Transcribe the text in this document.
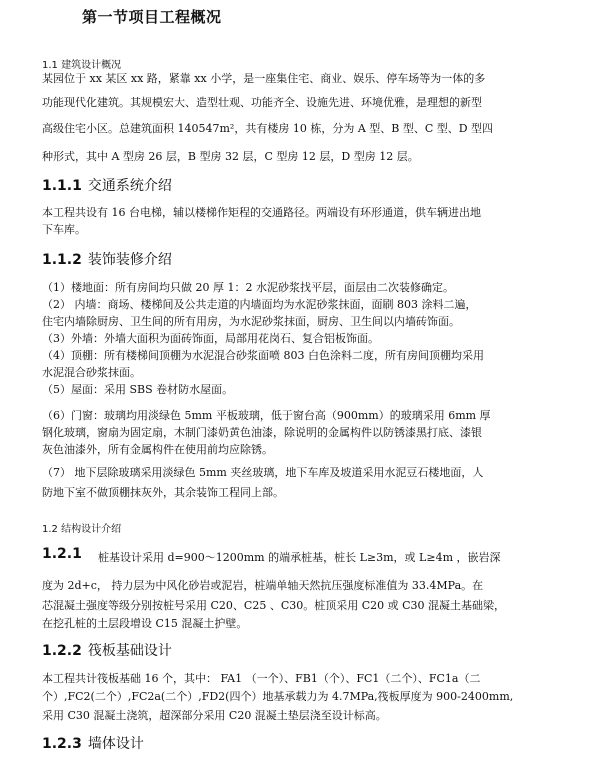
第一节项目工程概况
1.1 建筑设计概况
某园位于 xx 某区 xx 路，紧靠 xx 小学，是一座集住宅、商业、娱乐、停车场等为一体的多
功能现代化建筑。其规模宏大、造型壮观、功能齐全、设施先进、环境优雅，是理想的新型
高级住宅小区。总建筑面积 140547m²，共有楼房 10 栋，分为 A 型、B 型、C 型、D 型四
种形式，其中 A 型房 26 层，B 型房 32 层，C 型房 12 层，D 型房 12 层。
1.1.1 交通系统介绍
本工程共设有 16 台电梯，辅以楼梯作矩程的交通路径。两端设有环形通道，供车辆进出地
下车库。
1.1.2 装饰装修介绍
（1）楼地面：所有房间均只做 20 厚 1：2 水泥砂浆找平层，面层由二次装修确定。
（2） 内墙：商场、楼梯间及公共走道的内墙面均为水泥砂浆抹面，面刷 803 涂料二遍，
住宅内墙除厨房、卫生间的所有用房，为水泥砂浆抹面，厨房、卫生间以内墙砖饰面。
（3）外墙：外墙大面积为面砖饰面，局部用花岗石、复合铝板饰面。
（4）顶棚：所有楼梯间顶棚为水泥混合砂浆面喷 803 白色涂料二度，所有房间顶棚均采用
水泥混合砂浆抹面。
（5）屋面：采用 SBS 卷材防水屋面。
（6）门窗：玻璃均用淡绿色 5mm 平板玻璃，低于窗台高（900mm）的玻璃采用 6mm 厚
钢化玻璃，窗扇为固定扇，木制门漆奶黄色油漆，除说明的金属构件以防锈漆黑打底、漆银
灰色油漆外，所有金属构件在使用前均应除锈。
（7） 地下层除玻璃采用淡绿色 5mm 夹丝玻璃，地下车库及坡道采用水泥豆石楼地面，人
防地下室不做顶棚抹灰外，其余装饰工程同上部。
1.2 结构设计介绍
1.2.1	桩基设计采用 d=900～1200mm 的端承桩基，桩长 L≥3m，或 L≥4m ，嵌岩深
度为 2d+c， 持力层为中风化砂岩或泥岩，桩端单轴天然抗压强度标准值为 33.4MPa。在
芯混凝土强度等级分别按桩号采用 C20、C25 、C30。桩顶采用 C20 或 C30 混凝土基础梁，
在挖孔桩的土层段增设 C15 混凝土护壁。
1.2.2 筏板基础设计
本工程共计筏板基础 16 个，其中： FA1 （一个）、FB1（个）、FC1（二个）、FC1a（二
个）,FC2(二个）,FC2a(二个）,FD2(四个）地基承载力为 4.7MPa,筏板厚度为 900-2400mm,
采用 C30 混凝土浇筑，超深部分采用 C20 混凝土垫层浇至设计标高。
1.2.3 墙体设计
